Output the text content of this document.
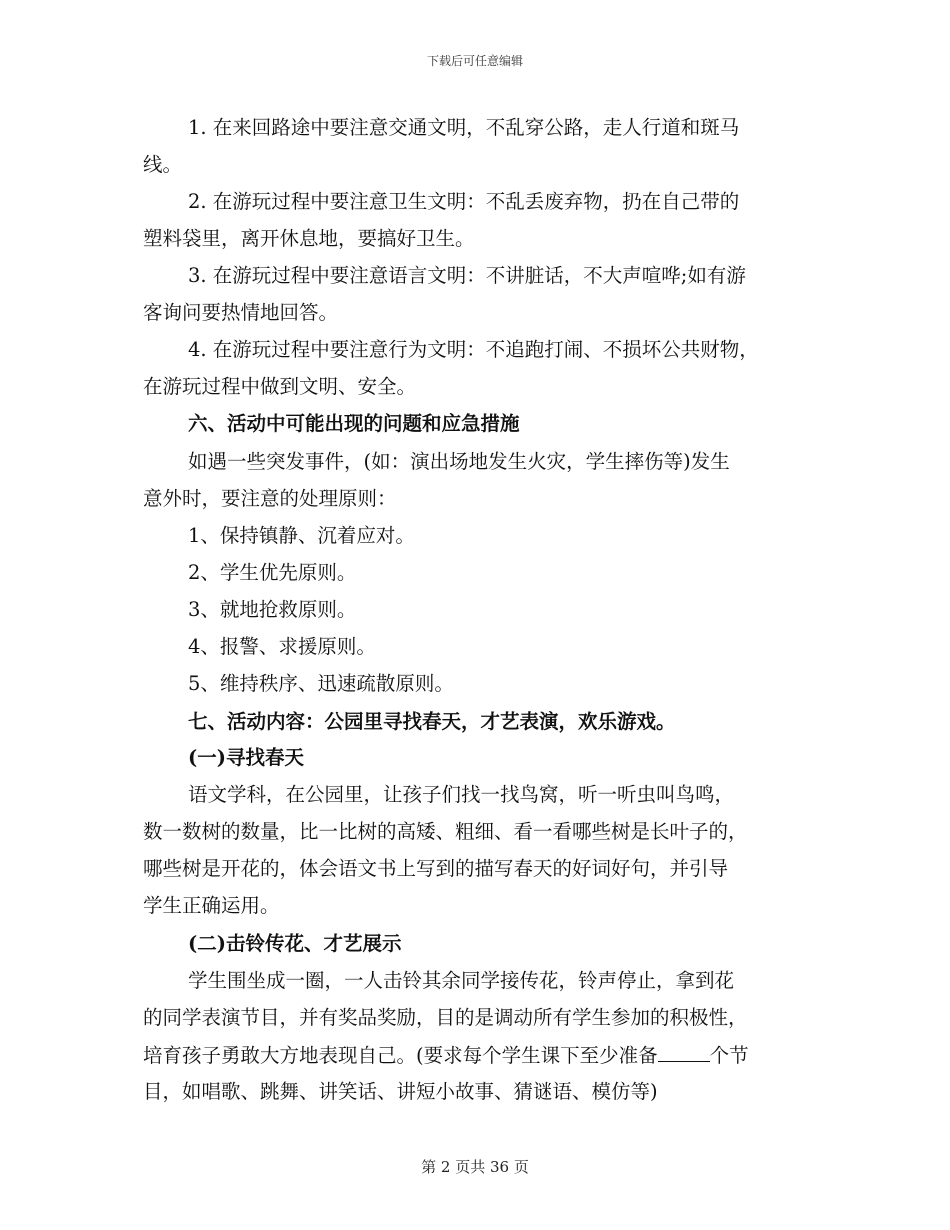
下载后可任意编辑
1. 在来回路途中要注意交通文明，不乱穿公路，走人行道和斑马
线。
2. 在游玩过程中要注意卫生文明：不乱丢废弃物，扔在自己带的
塑料袋里，离开休息地，要搞好卫生。
3. 在游玩过程中要注意语言文明：不讲脏话，不大声喧哗;如有游
客询问要热情地回答。
4. 在游玩过程中要注意行为文明：不追跑打闹、不损坏公共财物，
在游玩过程中做到文明、安全。
六、活动中可能出现的问题和应急措施
如遇一些突发事件，(如：演出场地发生火灾，学生摔伤等)发生
意外时，要注意的处理原则：
1、保持镇静、沉着应对。
2、学生优先原则。
3、就地抢救原则。
4、报警、求援原则。
5、维持秩序、迅速疏散原则。
七、活动内容：公园里寻找春天，才艺表演，欢乐游戏。
(一)寻找春天
语文学科，在公园里，让孩子们找一找鸟窝，听一听虫叫鸟鸣，
数一数树的数量，比一比树的高矮、粗细、看一看哪些树是长叶子的，
哪些树是开花的，体会语文书上写到的描写春天的好词好句，并引导
学生正确运用。
(二)击铃传花、才艺展示
学生围坐成一圈，一人击铃其余同学接传花，铃声停止，拿到花
的同学表演节目，并有奖品奖励，目的是调动所有学生参加的积极性，
培育孩子勇敢大方地表现自己。(要求每个学生课下至少准备	个节
目，如唱歌、跳舞、讲笑话、讲短小故事、猜谜语、模仿等)
第 2 页共 36 页
